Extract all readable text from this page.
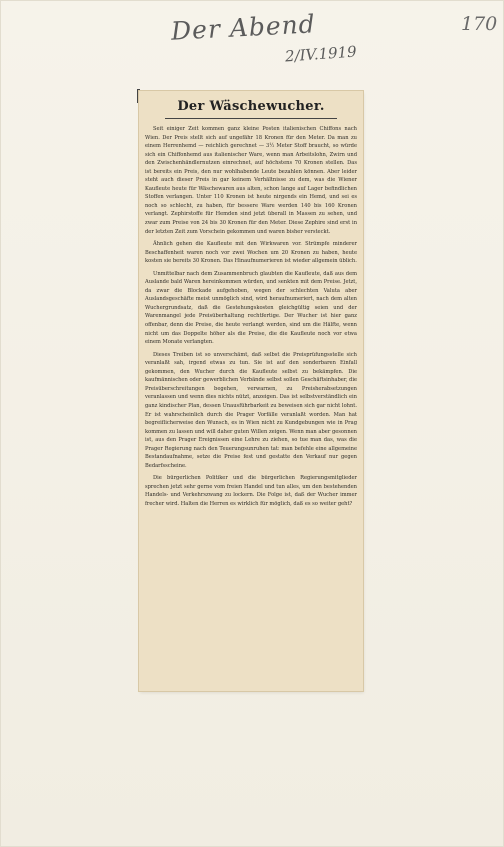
Der Abend
2/IV.1919
170
Der Wäschewucher.

Seit einiger Zeit kommen ganz kleine Posten italienischen Chiffons nach Wien. Der Preis stellt sich auf ungefähr 18 Kronen für den Meter. Da man zu einem Herrenhemd — reichlich gerechnet — 3½ Meter Stoff braucht, so würde sich ein Chiffonhemd aus italienischer Ware, wenn man Arbeitslohn, Zwirn und den Zwischenhändlernutzen einrechnet, auf höchstens 70 Kronen stellen. Das ist bereits ein Preis, den nur wohlhabende Leute bezahlen können. Aber leider steht auch dieser Preis in gar keinem Verhältnisse zu dem, was die Wiener Kaufleute heute für Wäschewaren aus alten, schon lange auf Lager befindlichen Stoffen verlangen. Unter 110 Kronen ist heute nirgends ein Hemd, und sei es noch so schlecht, zu haben, für bessere Ware werden 140 bis 160 Kronen verlangt. Zephirstoffe für Hemden sind jetzt überall in Massen zu sehen, und zwar zum Preise von 24 bis 30 Kronen für den Meter. Diese Zephire sind erst in der letzten Zeit zum Vorschein gekommen und waren bisher versteckt.

Ähnlich gehen die Kaufleute mit den Wirkwaren vor. Strümpfe minderer Beschaffenheit waren noch vor zwei Wochen um 20 Kronen zu haben, heute kosten sie bereits 30 Kronen. Das Hinaufnumerieren ist wieder allgemein üblich.

Unmittelbar nach dem Zusammenbruch glaubten die Kaufleute, daß aus dem Auslande bald Waren hereinkommen würden, und senkten mit dem Preise. Jetzt, da zwar die Blockade aufgehoben, wegen der schlechten Valuta aber Auslandsgeschäfte meist unmöglich sind, wird heraufnumeriert, nach dem alten Wuchergrundsatz, daß die Gestehungskosten gleichgültig seien und der Warenmangel jede Preisüberhaltung rechtfertige. Der Wucher ist hier ganz offenbar, denn die Preise, die heute verlangt werden, sind um die Hälfte, wenn nicht um das Doppelte höher als die Preise, die die Kaufleute noch vor etwa einem Monate verlangten.

Dieses Treiben ist so unverschämt, daß selbst die Preisprüfungsstelle sich veranlaßt sah, irgend etwas zu tun. Sie ist auf den sonderbaren Einfall gekommen, den Wucher durch die Kaufleute selbst zu bekämpfen. Die kaufmännischen oder gewerblichen Verbände selbst sollen Geschäftsinhaber, die Preisüberschreitungen begehen, verwarnen, zu Preisherabsetzungen veranlassen und wenn dies nichts nützt, anzeigen. Das ist selbstverständlich ein ganz kindischer Plan, dessen Unausführbarkeit zu beweisen sich gar nicht lohnt. Er ist wahrscheinlich durch die Prager Vorfälle veranlaßt worden. Man hat begreiflicherweise den Wunsch, es in Wien nicht zu Kundgebungen wie in Prag kommen zu lassen und will daher guten Willen zeigen. Wenn man aber gesonnen ist, aus den Prager Ereignissen eine Lehre zu ziehen, so tue man das, was die Prager Regierung nach den Teuerungsunruhen tat: man befehle eine allgemeine Bestandaufnahme, setze die Preise fest und gestatte den Verkauf nur gegen Bedarfsscheine.

Die bürgerlichen Politiker und die bürgerlichen Regierungsmitglieder sprechen jetzt sehr gerne vom freien Handel und tun alles, um den bestehenden Handels- und Verkehrszwang zu lockern. Die Folge ist, daß der Wucher immer frecher wird. Halten die Herren es wirklich für möglich, daß es so weiter geht?
